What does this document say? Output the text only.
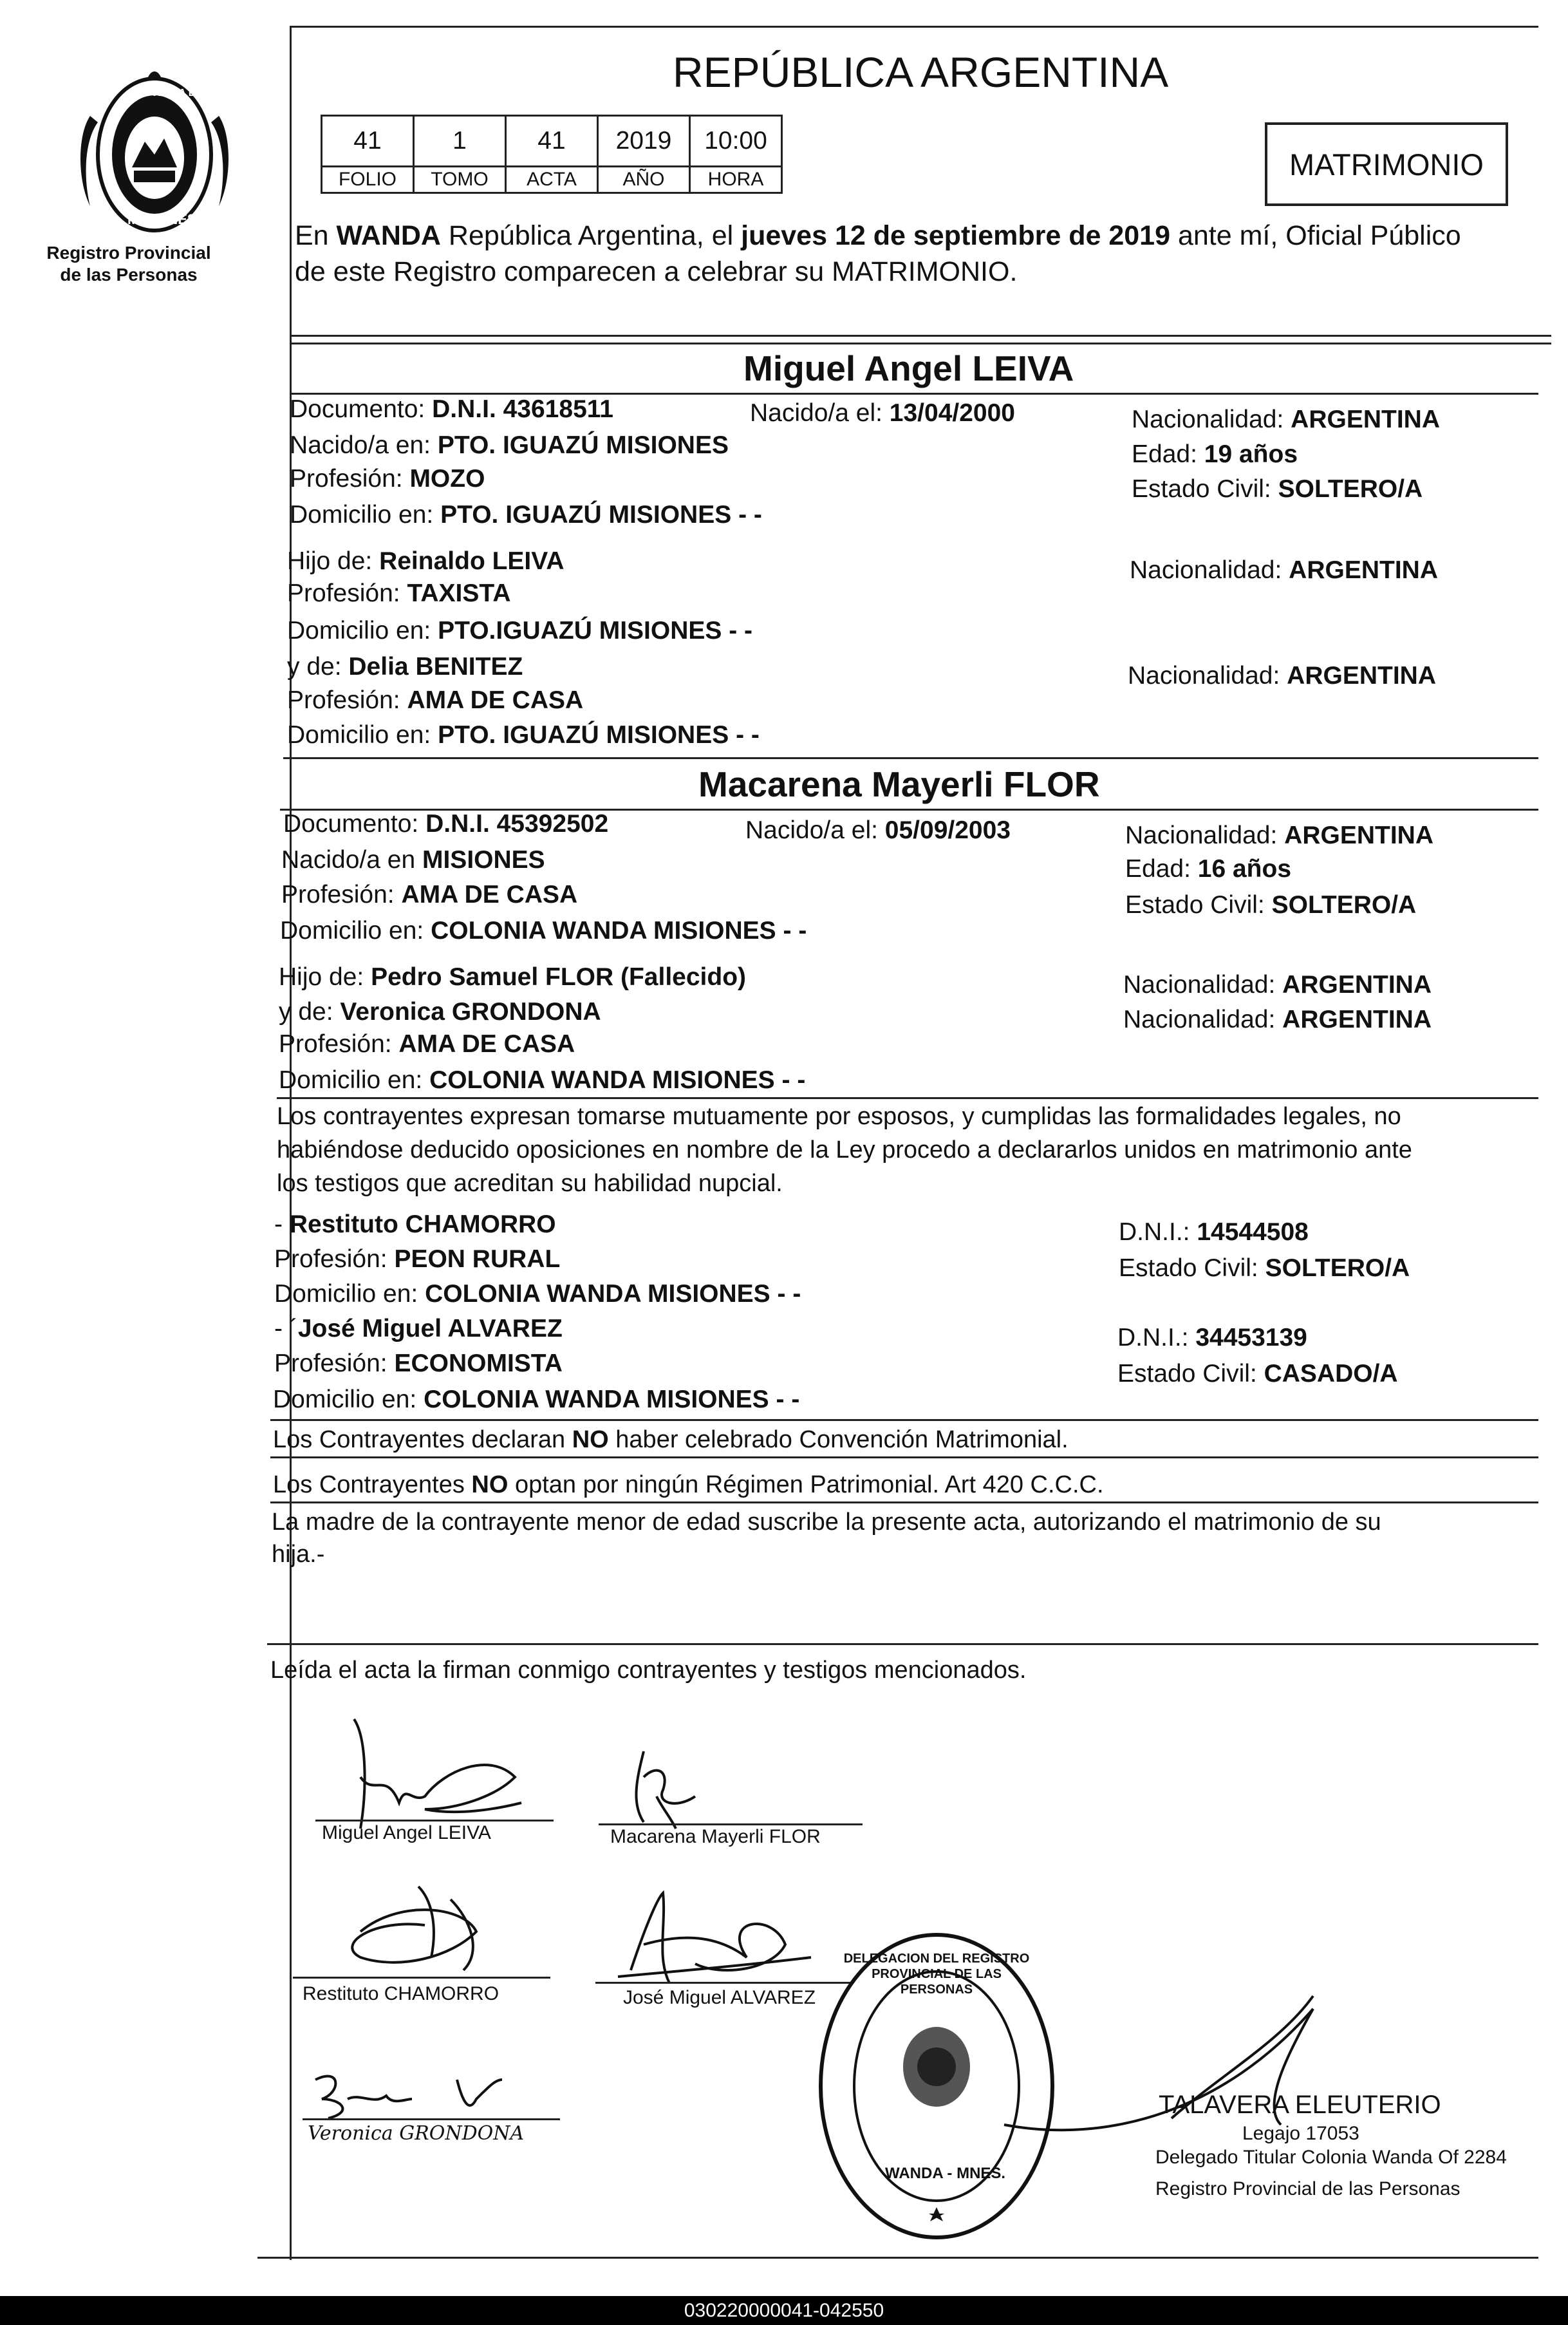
PROVINCIA DE
MISIONES
Registro Provincial
de las Personas
REPÚBLICA ARGENTINA
41	1	41	2019	10:00
FOLIO	TOMO	ACTA	AÑO	HORA	MATRIMONIO
En WANDA República Argentina, el jueves 12 de septiembre de 2019 ante mí, Oficial Público
de este Registro comparecen a celebrar su MATRIMONIO.
Miguel Angel LEIVA
Documento: D.N.I. 43618511	Nacido/a el: 13/04/2000	Nacionalidad: ARGENTINA
Nacido/a en: PTO. IGUAZÚ MISIONES	Edad: 19 años
Profesión: MOZO	Estado Civil: SOLTERO/A
Domicilio en: PTO. IGUAZÚ MISIONES - -
Hijo de: Reinaldo LEIVA	Nacionalidad: ARGENTINA
Profesión: TAXISTA
Domicilio en: PTO.IGUAZÚ MISIONES - -
y de: Delia BENITEZ	Nacionalidad: ARGENTINA
Profesión: AMA DE CASA
Domicilio en: PTO. IGUAZÚ MISIONES - -
Macarena Mayerli FLOR
Documento: D.N.I. 45392502	Nacido/a el: 05/09/2003	Nacionalidad: ARGENTINA
Nacido/a en MISIONES	Edad: 16 años
Profesión: AMA DE CASA	Estado Civil: SOLTERO/A
Domicilio en: COLONIA WANDA MISIONES - -
Hijo de: Pedro Samuel FLOR (Fallecido)	Nacionalidad: ARGENTINA
y de: Veronica GRONDONA	Nacionalidad: ARGENTINA
Profesión: AMA DE CASA
Domicilio en: COLONIA WANDA MISIONES - -
Los contrayentes expresan tomarse mutuamente por esposos, y cumplidas las formalidades legales, no
habiéndose deducido oposiciones en nombre de la Ley procedo a declararlos unidos en matrimonio ante
los testigos que acreditan su habilidad nupcial.
- Restituto CHAMORRO	D.N.I.: 14544508
Profesión: PEON RURAL	Estado Civil: SOLTERO/A
Domicilio en: COLONIA WANDA MISIONES - -
- ´José Miguel ALVAREZ	D.N.I.: 34453139
Profesión: ECONOMISTA	Estado Civil: CASADO/A
Domicilio en: COLONIA WANDA MISIONES - -
Los Contrayentes declaran NO haber celebrado Convención Matrimonial.
Los Contrayentes NO optan por ningún Régimen Patrimonial. Art 420 C.C.C.
La madre de la contrayente menor de edad suscribe la presente acta, autorizando el matrimonio de su
hija.-
Leída el acta la firman conmigo contrayentes y testigos mencionados.
Miguel Angel LEIVA	Macarena Mayerli FLOR
Restituto CHAMORRO	José Miguel ALVAREZ
Veronica GRONDONA
DELEGACION DEL REGISTRO PROVINCIAL DE LAS PERSONAS
WANDA - MNES.
TALAVERA ELEUTERIO
Legajo 17053
Delegado Titular Colonia Wanda Of 2284
Registro Provincial de las Personas
030220000041-042550
